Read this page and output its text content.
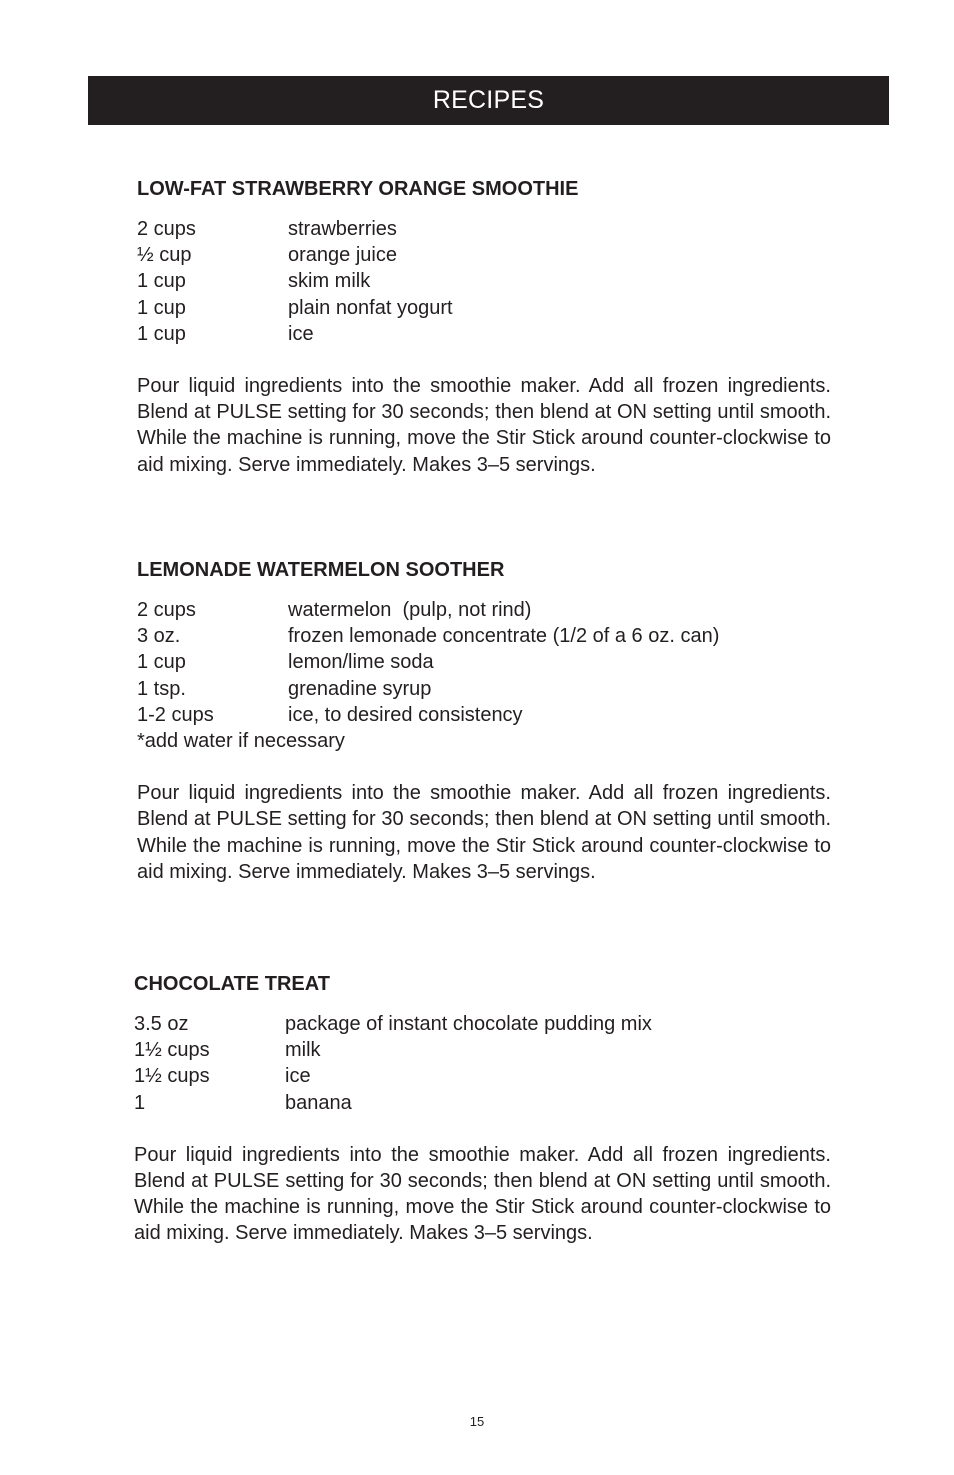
RECIPES
LOW-FAT STRAWBERRY ORANGE SMOOTHIE
2 cups	strawberries
½ cup	orange juice
1 cup	skim milk
1 cup	plain nonfat yogurt
1 cup	ice

Pour liquid ingredients into the smoothie maker. Add all frozen ingredients. Blend at PULSE setting for 30 seconds; then blend at ON setting until smooth. While the machine is running, move the Stir Stick around counter-clockwise to aid mixing. Serve immediately. Makes 3–5 servings.

LEMONADE WATERMELON SOOTHER
2 cups	watermelon  (pulp, not rind)
3 oz.	frozen lemonade concentrate (1/2 of a 6 oz. can)
1 cup	lemon/lime soda
1 tsp.	grenadine syrup
1-2 cups	ice, to desired consistency
*add water if necessary

Pour liquid ingredients into the smoothie maker. Add all frozen ingredients. Blend at PULSE setting for 30 seconds; then blend at ON setting until smooth. While the machine is running, move the Stir Stick around counter-clockwise to aid mixing. Serve immediately. Makes 3–5 servings.

CHOCOLATE TREAT
3.5 oz	package of instant chocolate pudding mix
1½ cups	milk
1½ cups	ice
1	banana

Pour liquid ingredients into the smoothie maker. Add all frozen ingredients. Blend at PULSE setting for 30 seconds; then blend at ON setting until smooth. While the machine is running, move the Stir Stick around counter-clockwise to aid mixing. Serve immediately. Makes 3–5 servings.

15
